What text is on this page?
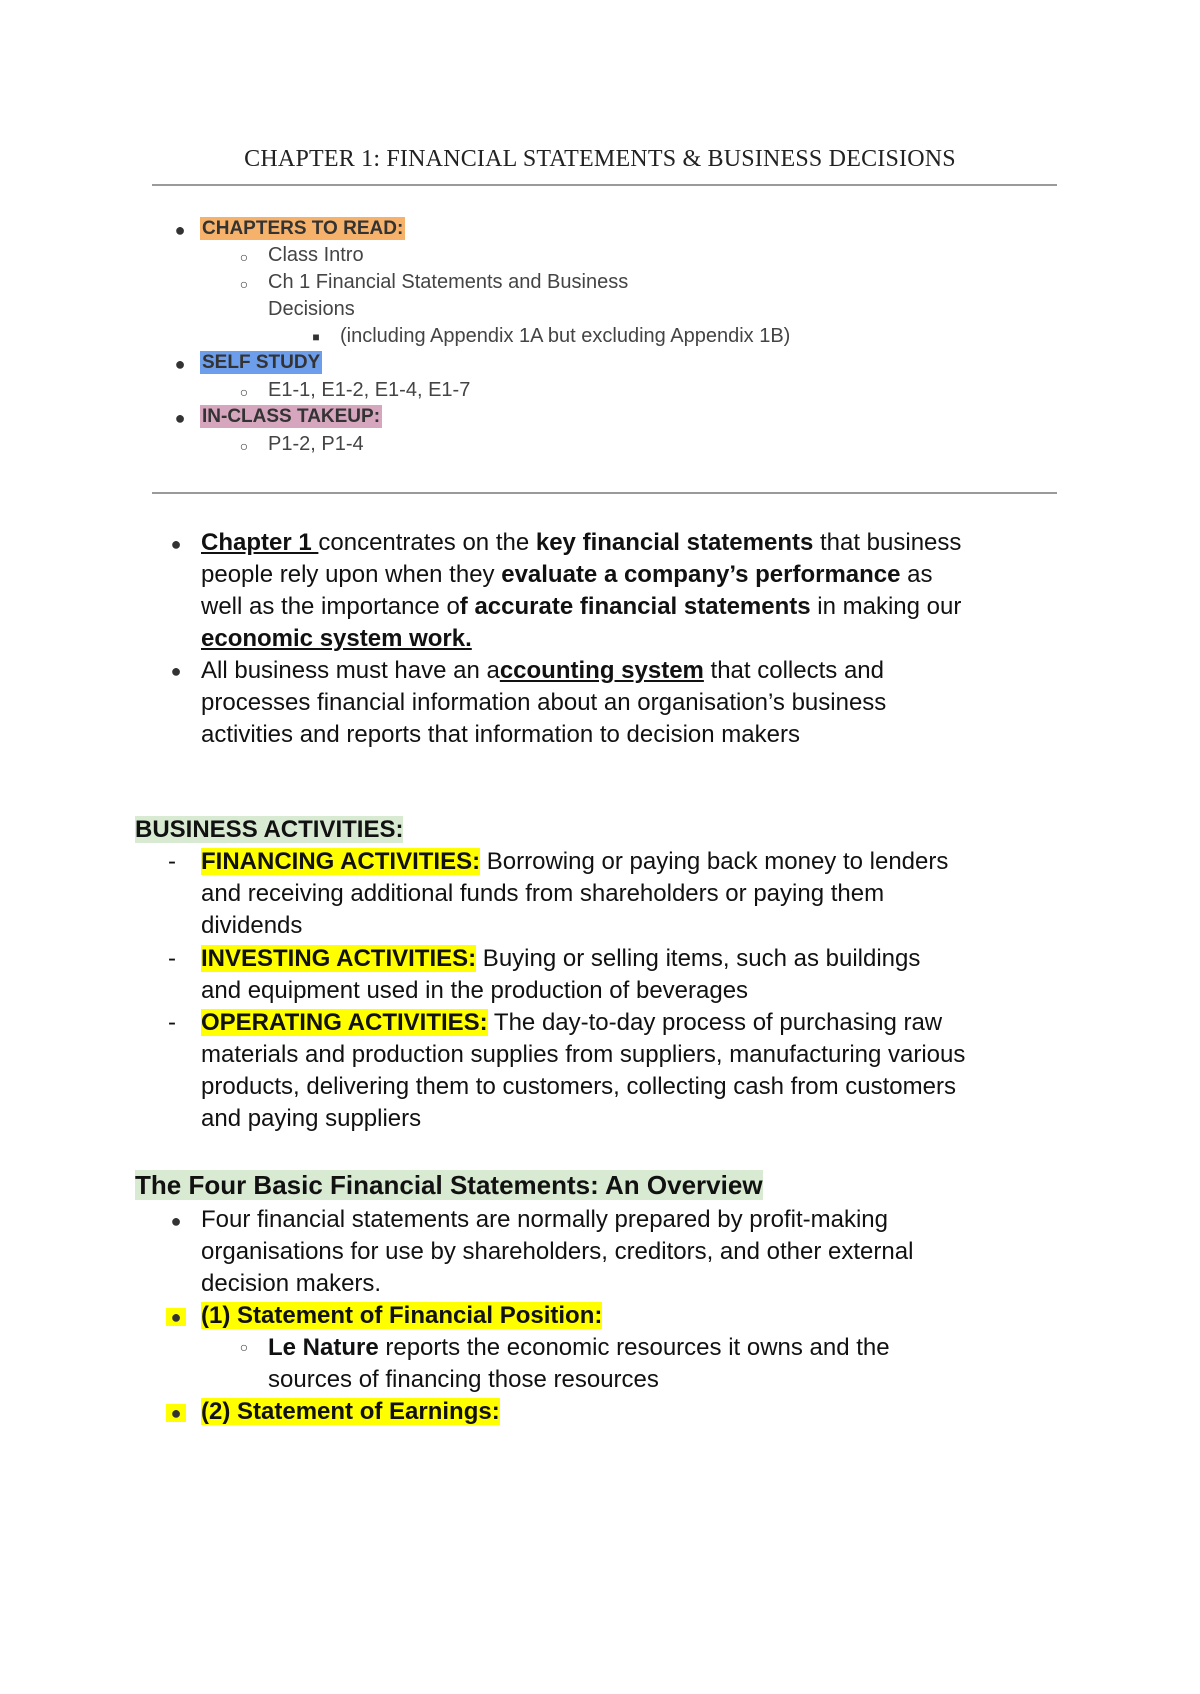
CHAPTER 1: FINANCIAL STATEMENTS & BUSINESS DECISIONS
● CHAPTERS TO READ:
○ Class Intro
○ Ch 1 Financial Statements and Business
Decisions
■	(including Appendix 1A but excluding Appendix 1B)
● SELF STUDY
○ E1-1, E1-2, E1-4, E1-7
● IN-CLASS TAKEUP:
○ P1-2, P1-4
● Chapter 1 concentrates on the key financial statements that business
people rely upon when they evaluate a company’s performance as
well as the importance of accurate financial statements in making our
economic system work.
● All business must have an accounting system that collects and
processes financial information about an organisation’s business
activities and reports that information to decision makers
BUSINESS ACTIVITIES:
- FINANCING ACTIVITIES: Borrowing or paying back money to lenders
and receiving additional funds from shareholders or paying them
dividends
- INVESTING ACTIVITIES: Buying or selling items, such as buildings
and equipment used in the production of beverages
- OPERATING ACTIVITIES: The day-to-day process of purchasing raw
materials and production supplies from suppliers, manufacturing various
products, delivering them to customers, collecting cash from customers
and paying suppliers
The Four Basic Financial Statements: An Overview
● Four financial statements are normally prepared by profit-making
organisations for use by shareholders, creditors, and other external
decision makers.
● (1) Statement of Financial Position:
○ Le Nature reports the economic resources it owns and the
sources of financing those resources
● (2) Statement of Earnings:
